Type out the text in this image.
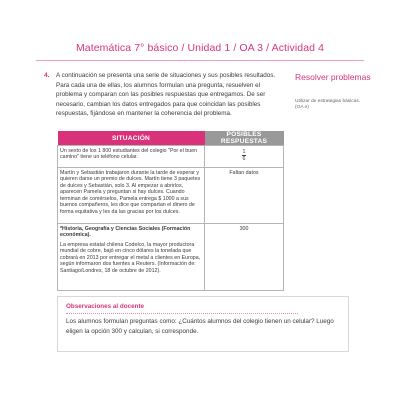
Matemática 7° básico / Unidad 1 / OA 3 / Actividad 4
4. A continuación se presenta una serie de situaciones y sus posibles resultados. Para cada una de ellas, los alumnos formulan una pregunta, resuelven el problema y comparan con las posibles respuestas que entregamos. De ser necesario, cambian los datos entregados para que coincidan las posibles respuestas, fijándose en mantener la coherencia del problema.
Resolver problemas
Utilizar de estrategias básicas. (OA e)
SITUACIÓN	POSIBLES RESPUESTAS

Un sexto de los 1 800 estudiantes del colegio "Por el buen camino" tiene un teléfono celular.	$\frac{1}{6}$

Martín y Sebastián trabajaron durante la tarde de esperar y quieren darse un premio de dulces. Martín tiene 3 paquetes de dulces y Sebastián, solo 3. Al empezar a abrirlos, aparecen Pamela y preguntan si hay dulces. Cuando terminan de comérselos, Pamela entrega $ 1000 a sus buenos compañeros, les dice que compartan el dinero de forma equitativa y les da las gracias por los dulces.	Faltan datos

*Historia, Geografía y Ciencias Sociales (Formación económica).

La empresa estatal chilena Codelco, la mayor productora mundial de cobre, bajó en cinco dólares la tonelada que cobrará en 2013 por entregar el metal a clientes en Europa, según informaron dos fuentes a Reuters. (Información de: Santiago/Londres, 18 de octubre de 2012).	300
Observaciones al docente
Los alumnos formulan preguntas como: ¿Cuántos alumnos del colegio tienen un celular? Luego eligen la opción 300 y calculan, si corresponde.
